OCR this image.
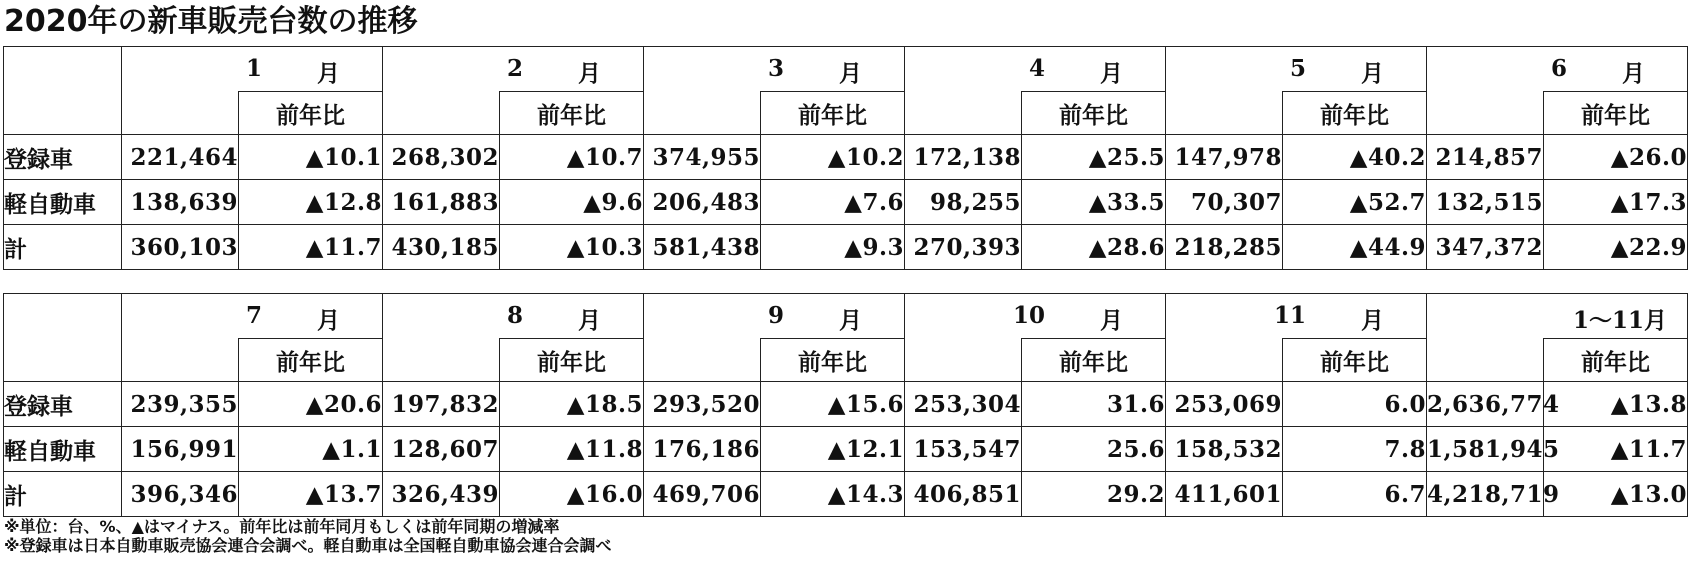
2020年の新車販売台数の推移

	1 月		2 月		3 月		4 月		5 月		6 月	

		前年比		前年比		前年比		前年比		前年比		前年比
登録車	221,464	▲10.1	268,302	▲10.7	374,955	▲10.2	172,138	▲25.5	147,978	▲40.2	214,857	▲26.0
軽自動車	138,639	▲12.8	161,883	▲9.6	206,483	▲7.6	98,255	▲33.5	70,307	▲52.7	132,515	▲17.3
計	360,103	▲11.7	430,185	▲10.3	581,438	▲9.3	270,393	▲28.6	218,285	▲44.9	347,372	▲22.9

	7 月		8 月		9 月		10 月		11 月		1〜11月	

		前年比		前年比		前年比		前年比		前年比		前年比
登録車	239,355	▲20.6	197,832	▲18.5	293,520	▲15.6	253,304	31.6	253,069	6.0	2,636,774	▲13.8
軽自動車	156,991	▲1.1	128,607	▲11.8	176,186	▲12.1	153,547	25.6	158,532	7.8	1,581,945	▲11.7
計	396,346	▲13.7	326,439	▲16.0	469,706	▲14.3	406,851	29.2	411,601	6.7	4,218,719	▲13.0
※単位：台、%、▲はマイナス。前年比は前年同月もしくは前年同期の増減率
※登録車は日本自動車販売協会連合会調べ。軽自動車は全国軽自動車協会連合会調べ
